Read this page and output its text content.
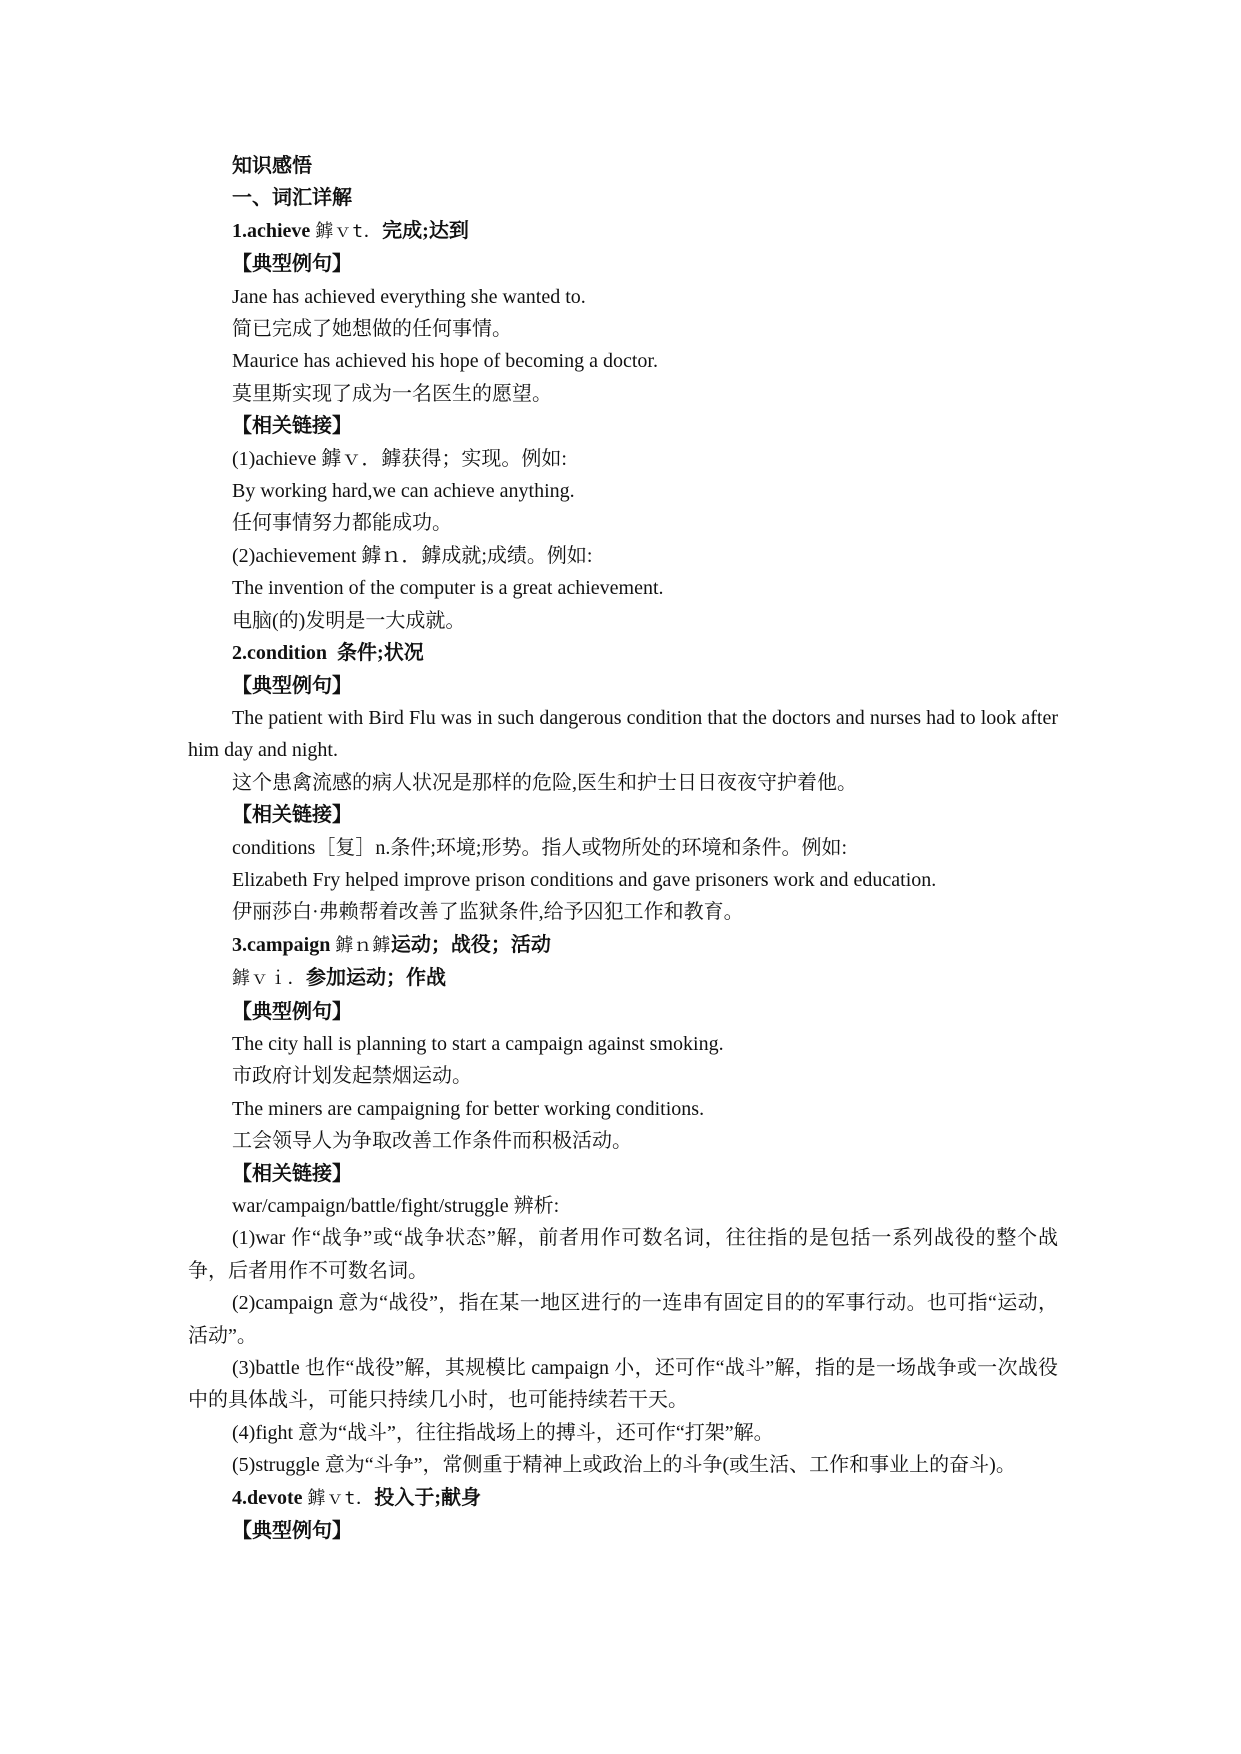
知识感悟

一、词汇详解

1.achieve 鎼ｖt．完成;达到

【典型例句】

Jane has achieved everything she wanted to.

简已完成了她想做的任何事情。

Maurice has achieved his hope of becoming a doctor.

莫里斯实现了成为一名医生的愿望。

【相关链接】

(1)achieve 鎼ｖ．鎼获得；实现。例如:

By working hard,we can achieve anything.

任何事情努力都能成功。

(2)achievement 鎼ｎ．鎼成就;成绩。例如:

The invention of the computer is a great achievement.

电脑(的)发明是一大成就。

2.condition 条件;状况

【典型例句】

The patient with Bird Flu was in such dangerous condition that the doctors and nurses had to look after him day and night.

这个患禽流感的病人状况是那样的危险,医生和护士日日夜夜守护着他。

【相关链接】

conditions［复］n.条件;环境;形势。指人或物所处的环境和条件。例如:

Elizabeth Fry helped improve prison conditions and gave prisoners work and education.

伊丽莎白·弗赖帮着改善了监狱条件,给予囚犯工作和教育。

3.campaign 鎼ｎ鎼运动；战役；活动

鎼ｖｉ．参加运动；作战

【典型例句】

The city hall is planning to start a campaign against smoking.

市政府计划发起禁烟运动。

The miners are campaigning for better working conditions.

工会领导人为争取改善工作条件而积极活动。

【相关链接】

war/campaign/battle/fight/struggle 辨析:

(1)war 作“战争”或“战争状态”解，前者用作可数名词，往往指的是包括一系列战役的整个战争，后者用作不可数名词。

(2)campaign 意为“战役”，指在某一地区进行的一连串有固定目的的军事行动。也可指“运动，活动”。

(3)battle 也作“战役”解，其规模比 campaign 小，还可作“战斗”解，指的是一场战争或一次战役中的具体战斗，可能只持续几小时，也可能持续若干天。

(4)fight 意为“战斗”，往往指战场上的搏斗，还可作“打架”解。

(5)struggle 意为“斗争”，常侧重于精神上或政治上的斗争(或生活、工作和事业上的奋斗)。

4.devote 鎼ｖt．投入于;献身

【典型例句】
